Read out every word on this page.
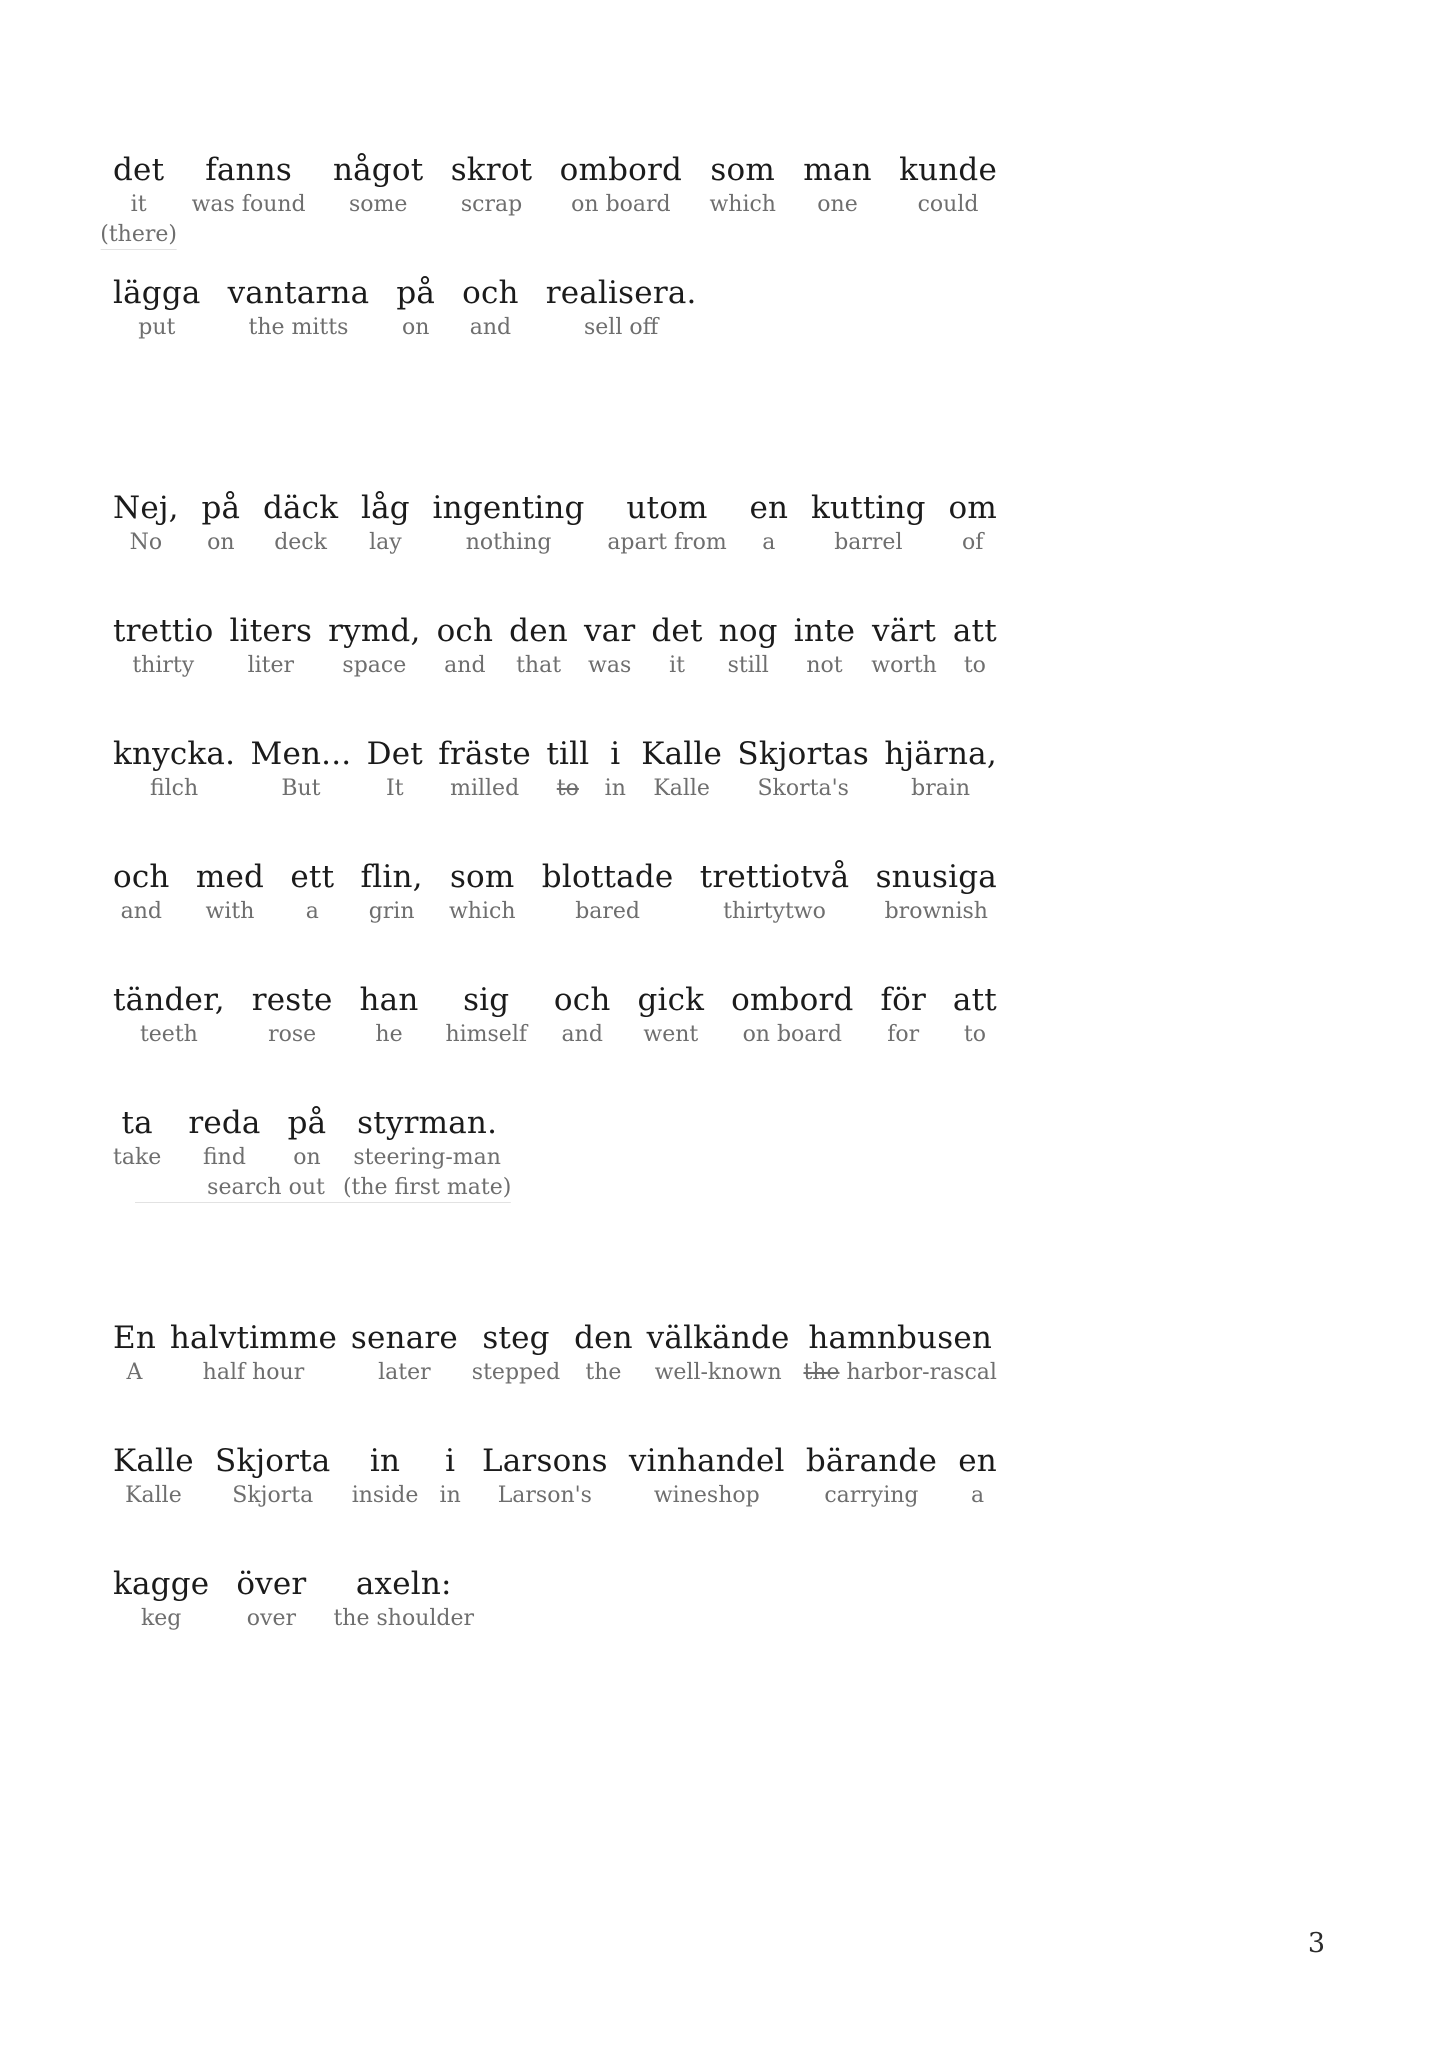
det
it
(there)
fanns
was found
något
some
skrot
scrap
ombord
on board
som
which
man
one
kunde
could
lägga
put
vantarna
the mitts
på
on
och
and
realisera.
sell off
Nej,
No
på
on
däck
deck
låg
lay
ingenting
nothing
utom
apart from
en
a
kutting
barrel
om
of
trettio
thirty
liters
liter
rymd,
space
och
and
den
that
var
was
det
it
nog
still
inte
not
värt
worth
att
to
knycka.
filch
Men...
But
Det
It
fräste
milled
till
to
i
in
Kalle
Kalle
Skjortas
Skorta's
hjärna,
brain
och
and
med
with
ett
a
flin,
grin
som
which
blottade
bared
trettiotvå
thirtytwo
snusiga
brownish
tänder,
teeth
reste
rose
han
he
sig
himself
och
and
gick
went
ombord
on board
för
for
att
to
ta
take
reda
find
på
on
search out
styrman.
steering-man
(the first mate)
En
A
halvtimme
half hour
senare
later
steg
stepped
den
the
välkände
well-known
hamnbusen
the harbor-rascal
Kalle
Kalle
Skjorta
Skjorta
in
inside
i
in
Larsons
Larson's
vinhandel
wineshop
bärande
carrying
en
a
kagge
keg
över
over
axeln:
the shoulder
3
